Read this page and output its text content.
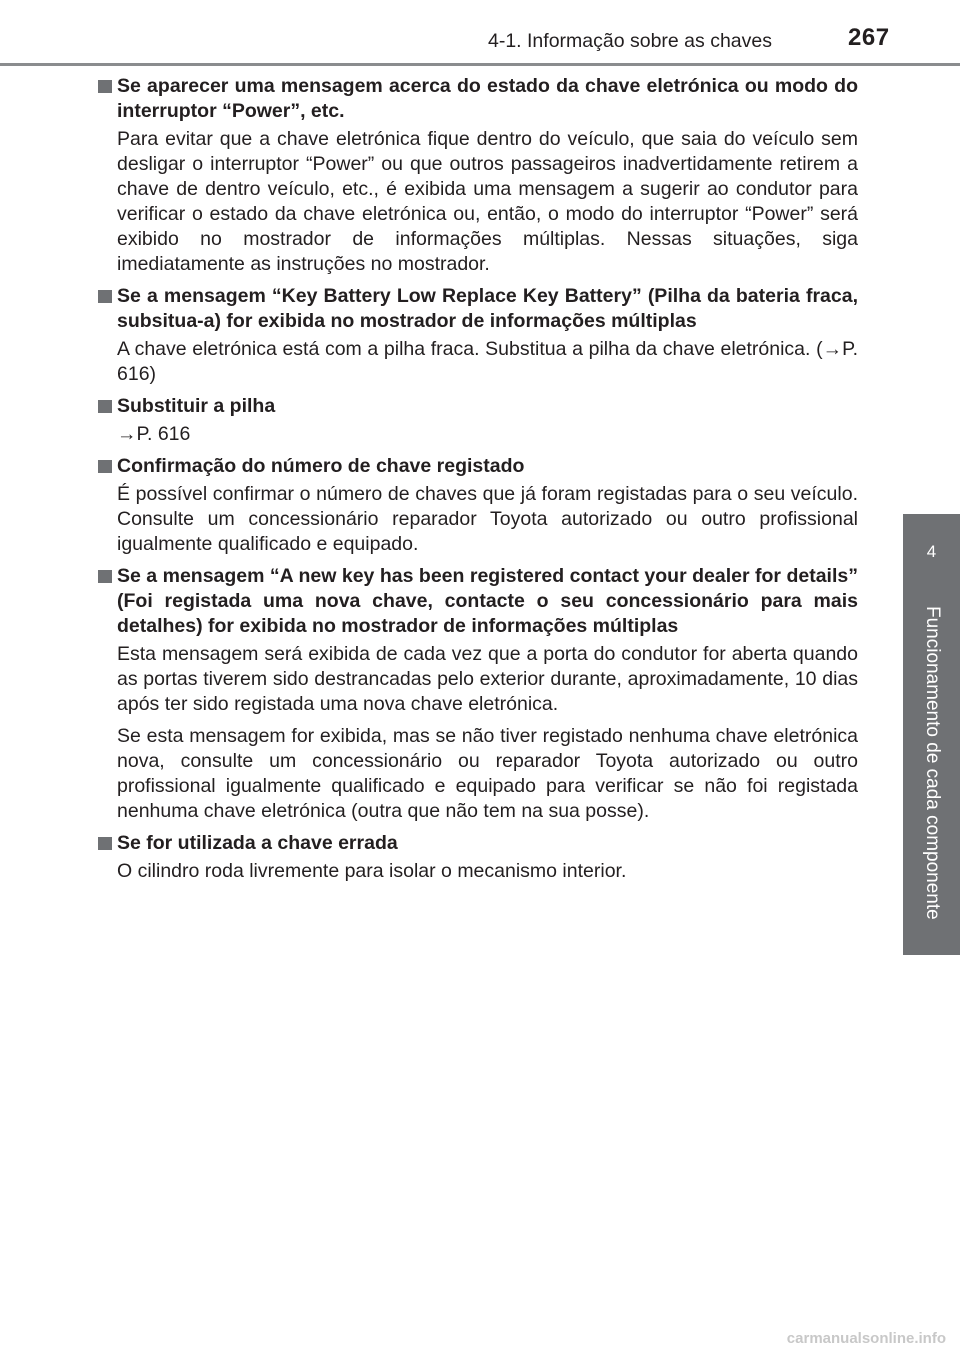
4-1. Informação sobre as chaves	267
4
Funcionamento de cada componente
Se aparecer uma mensagem acerca do estado da chave eletrónica ou modo do interruptor “Power”, etc.

Para evitar que a chave eletrónica fique dentro do veículo, que saia do veículo sem desligar o interruptor “Power” ou que outros passageiros inadvertidamente retirem a chave de dentro veículo, etc., é exibida uma mensagem a sugerir ao condutor para verificar o estado da chave eletrónica ou, então, o modo do interruptor “Power” será exibido no mostrador de informações múltiplas. Nessas situações, siga imediatamente as instruções no mostrador.

Se a mensagem “Key Battery Low Replace Key Battery” (Pilha da bateria fraca, subsitua-a) for exibida no mostrador de informações múltiplas

A chave eletrónica está com a pilha fraca. Substitua a pilha da chave eletrónica. (→P. 616)

Substituir a pilha

→P. 616

Confirmação do número de chave registado

É possível confirmar o número de chaves que já foram registadas para o seu veículo. Consulte um concessionário reparador Toyota autorizado ou outro profissional igualmente qualificado e equipado.

Se a mensagem “A new key has been registered contact your dealer for details” (Foi registada uma nova chave, contacte o seu concessionário para mais detalhes) for exibida no mostrador de informações múltiplas

Esta mensagem será exibida de cada vez que a porta do condutor for aberta quando as portas tiverem sido destrancadas pelo exterior durante, aproximadamente, 10 dias após ter sido registada uma nova chave eletrónica.

Se esta mensagem for exibida, mas se não tiver registado nenhuma chave eletrónica nova, consulte um concessionário ou reparador Toyota autorizado ou outro profissional igualmente qualificado e equipado para verificar se não foi registada nenhuma chave eletrónica (outra que não tem na sua posse).

Se for utilizada a chave errada

O cilindro roda livremente para isolar o mecanismo interior.

carmanualsonline.info
